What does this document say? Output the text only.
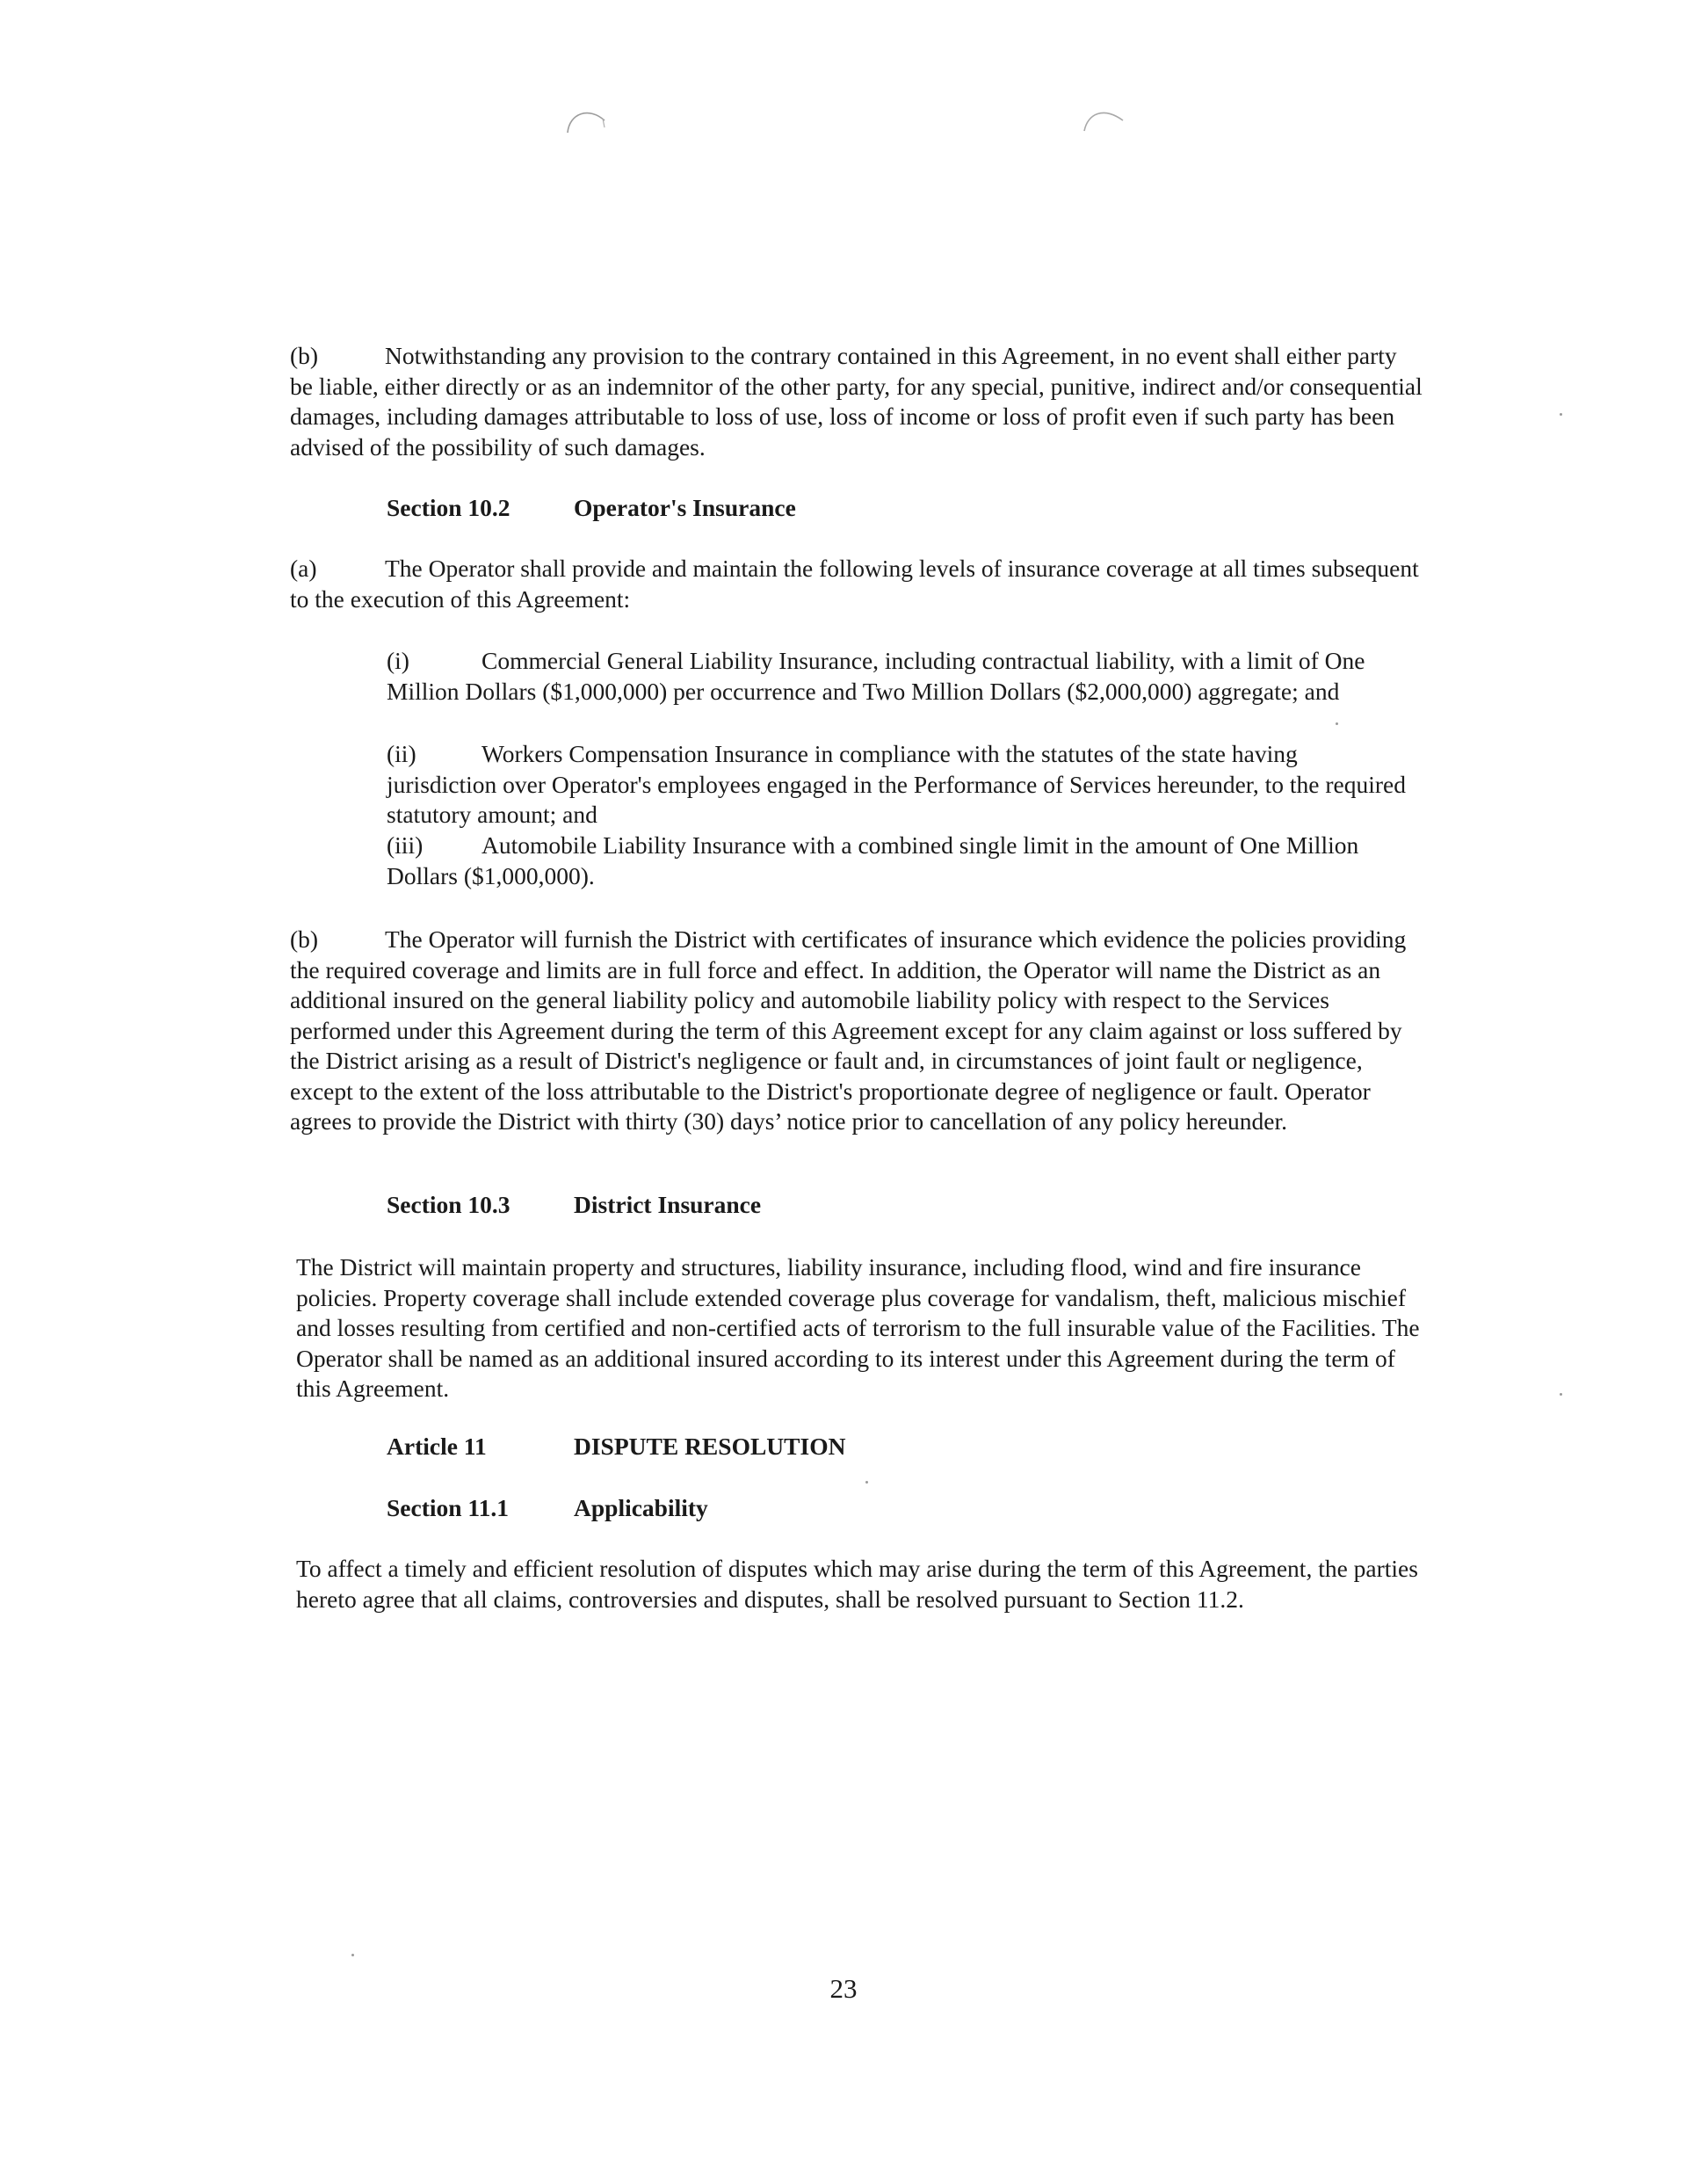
(b)	Notwithstanding any provision to the contrary contained in this Agreement, in no event shall either party be liable, either directly or as an indemnitor of the other party, for any special, punitive, indirect and/or consequential damages, including damages attributable to loss of use, loss of income or loss of profit even if such party has been advised of the possibility of such damages.
Section 10.2	Operator's Insurance
(a)	The Operator shall provide and maintain the following levels of insurance coverage at all times subsequent to the execution of this Agreement:
(i)	Commercial General Liability Insurance, including contractual liability, with a limit of One Million Dollars ($1,000,000) per occurrence and Two Million Dollars ($2,000,000) aggregate; and
(ii)	Workers Compensation Insurance in compliance with the statutes of the state having jurisdiction over Operator's employees engaged in the Performance of Services hereunder, to the required statutory amount; and
(iii) Automobile Liability Insurance with a combined single limit in the amount of One Million Dollars ($1,000,000).
(b)	The Operator will furnish the District with certificates of insurance which evidence the policies providing the required coverage and limits are in full force and effect. In addition, the Operator will name the District as an additional insured on the general liability policy and automobile liability policy with respect to the Services performed under this Agreement during the term of this Agreement except for any claim against or loss suffered by the District arising as a result of District's negligence or fault and, in circumstances of joint fault or negligence, except to the extent of the loss attributable to the District's proportionate degree of negligence or fault. Operator agrees to provide the District with thirty (30) days’ notice prior to cancellation of any policy hereunder.
Section 10.3	District Insurance
The District will maintain property and structures, liability insurance, including flood, wind and fire insurance policies. Property coverage shall include extended coverage plus coverage for vandalism, theft, malicious mischief and losses resulting from certified and non-certified acts of terrorism to the full insurable value of the Facilities. The Operator shall be named as an additional insured according to its interest under this Agreement during the term of this Agreement.
Article 11	DISPUTE RESOLUTION
Section 11.1	Applicability
To affect a timely and efficient resolution of disputes which may arise during the term of this Agreement, the parties hereto agree that all claims, controversies and disputes, shall be resolved pursuant to Section 11.2.
23
